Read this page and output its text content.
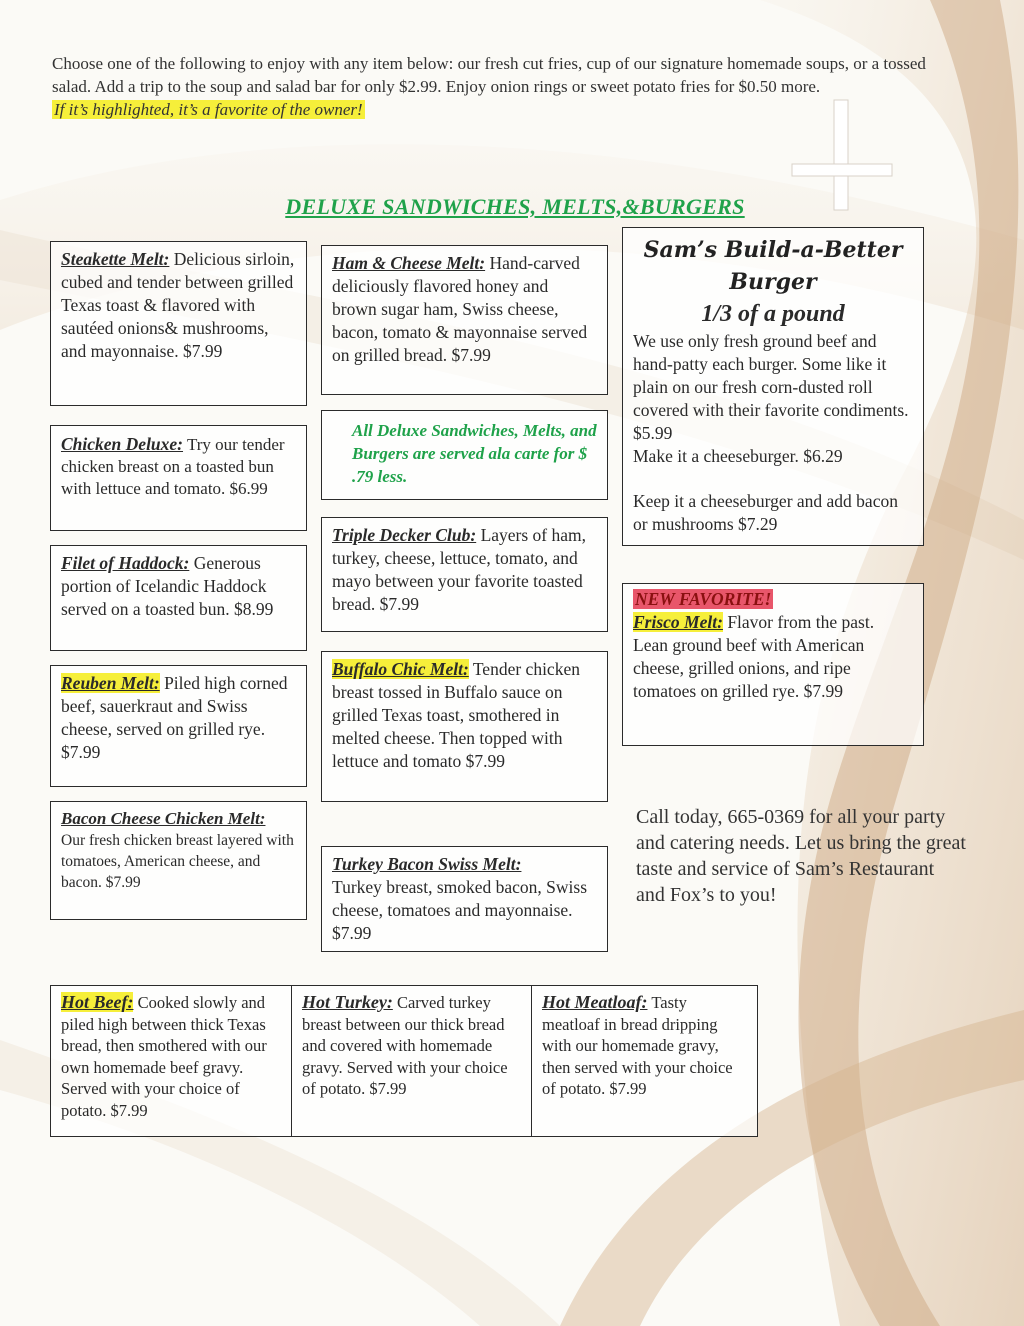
Choose one of the following to enjoy with any item below: our fresh cut fries, cup of our signature homemade soups, or a tossed salad. Add a trip to the soup and salad bar for only $2.99. Enjoy onion rings or sweet potato fries for $0.50 more.
If it’s highlighted, it’s a favorite of the owner!
DELUXE SANDWICHES, MELTS,&BURGERS
Steakette Melt: Delicious sirloin, cubed and tender between grilled Texas toast & flavored with sautéed onions& mushrooms, and mayonnaise. $7.99
Chicken Deluxe: Try our tender chicken breast on a toasted bun with lettuce and tomato. $6.99
Filet of Haddock: Generous portion of Icelandic Haddock served on a toasted bun. $8.99
Reuben Melt: Piled high corned beef, sauerkraut and Swiss cheese, served on grilled rye. $7.99
Bacon Cheese Chicken Melt:
Our fresh chicken breast layered with tomatoes, American cheese, and bacon. $7.99
Ham & Cheese Melt: Hand-carved deliciously flavored honey and brown sugar ham, Swiss cheese, bacon, tomato & mayonnaise served on grilled bread. $7.99
All Deluxe Sandwiches, Melts, and Burgers are served ala carte for $ .79 less.
Triple Decker Club: Layers of ham, turkey, cheese, lettuce, tomato, and mayo between your favorite toasted bread. $7.99
Buffalo Chic Melt: Tender chicken breast tossed in Buffalo sauce on grilled Texas toast, smothered in melted cheese. Then topped with lettuce and tomato $7.99
Turkey Bacon Swiss Melt:
Turkey breast, smoked bacon, Swiss cheese, tomatoes and mayonnaise. $7.99
Sam’s Build-a-Better
Burger
1/3 of a pound
We use only fresh ground beef and hand-patty each burger. Some like it plain on our fresh corn-dusted roll covered with their favorite condiments. $5.99
Make it a cheeseburger. $6.29
Keep it a cheeseburger and add bacon or mushrooms $7.29
NEW FAVORITE!
Frisco Melt: Flavor from the past.
Lean ground beef with American cheese, grilled onions, and ripe tomatoes on grilled rye. $7.99
Call today, 665-0369 for all your party and catering needs. Let us bring the great taste and service of Sam’s Restaurant and Fox’s to you!
Hot Beef: Cooked slowly and piled high between thick Texas bread, then smothered with our own homemade beef gravy. Served with your choice of potato. $7.99
Hot Turkey: Carved turkey breast between our thick bread and covered with homemade gravy. Served with your choice of potato. $7.99
Hot Meatloaf: Tasty meatloaf in bread dripping with our homemade gravy, then served with your choice of potato. $7.99
